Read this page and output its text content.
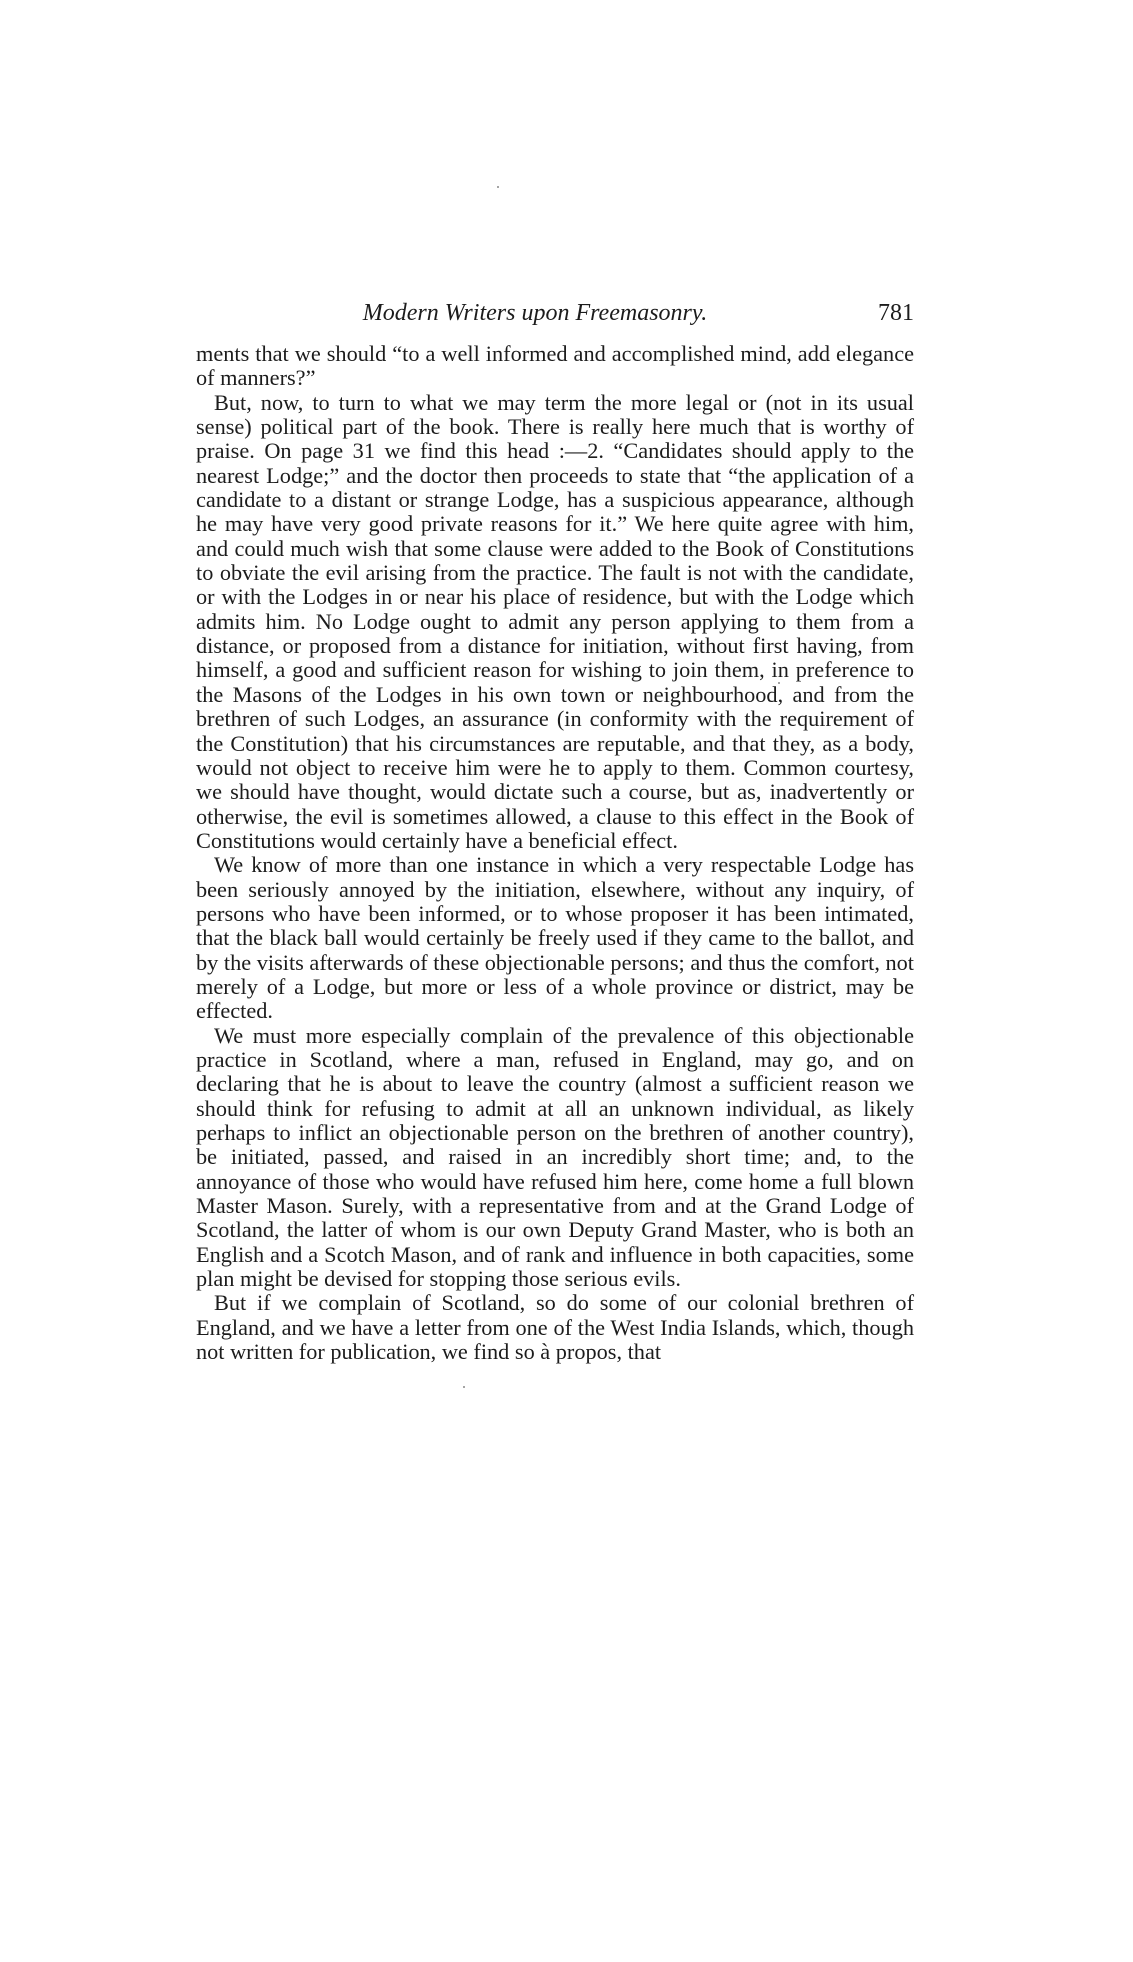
Modern Writers upon Freemasonry.	781

ments that we should “to a well informed and accomplished mind, add elegance of manners?”

But, now, to turn to what we may term the more legal or (not in its usual sense) political part of the book. There is really here much that is worthy of praise. On page 31 we find this head :—2. “Candidates should apply to the nearest Lodge;” and the doctor then proceeds to state that “the application of a candidate to a distant or strange Lodge, has a suspicious appearance, although he may have very good private reasons for it.” We here quite agree with him, and could much wish that some clause were added to the Book of Constitutions to obviate the evil arising from the practice. The fault is not with the candidate, or with the Lodges in or near his place of residence, but with the Lodge which admits him. No Lodge ought to admit any person applying to them from a distance, or proposed from a distance for initiation, without first having, from himself, a good and sufficient reason for wishing to join them, in preference to the Masons of the Lodges in his own town or neighbourhood, and from the brethren of such Lodges, an assurance (in conformity with the requirement of the Constitution) that his circumstances are reputable, and that they, as a body, would not object to receive him were he to apply to them. Common courtesy, we should have thought, would dictate such a course, but as, inadvertently or otherwise, the evil is sometimes allowed, a clause to this effect in the Book of Constitutions would certainly have a beneficial effect.

We know of more than one instance in which a very respectable Lodge has been seriously annoyed by the initiation, elsewhere, without any inquiry, of persons who have been informed, or to whose proposer it has been intimated, that the black ball would certainly be freely used if they came to the ballot, and by the visits afterwards of these objectionable persons; and thus the comfort, not merely of a Lodge, but more or less of a whole province or district, may be effected.

We must more especially complain of the prevalence of this objectionable practice in Scotland, where a man, refused in England, may go, and on declaring that he is about to leave the country (almost a sufficient reason we should think for refusing to admit at all an unknown individual, as likely perhaps to inflict an objectionable person on the brethren of another country), be initiated, passed, and raised in an incredibly short time; and, to the annoyance of those who would have refused him here, come home a full blown Master Mason. Surely, with a representative from and at the Grand Lodge of Scotland, the latter of whom is our own Deputy Grand Master, who is both an English and a Scotch Mason, and of rank and influence in both capacities, some plan might be devised for stopping those serious evils.

But if we complain of Scotland, so do some of our colonial brethren of England, and we have a letter from one of the West India Islands, which, though not written for publication, we find so à propos, that
